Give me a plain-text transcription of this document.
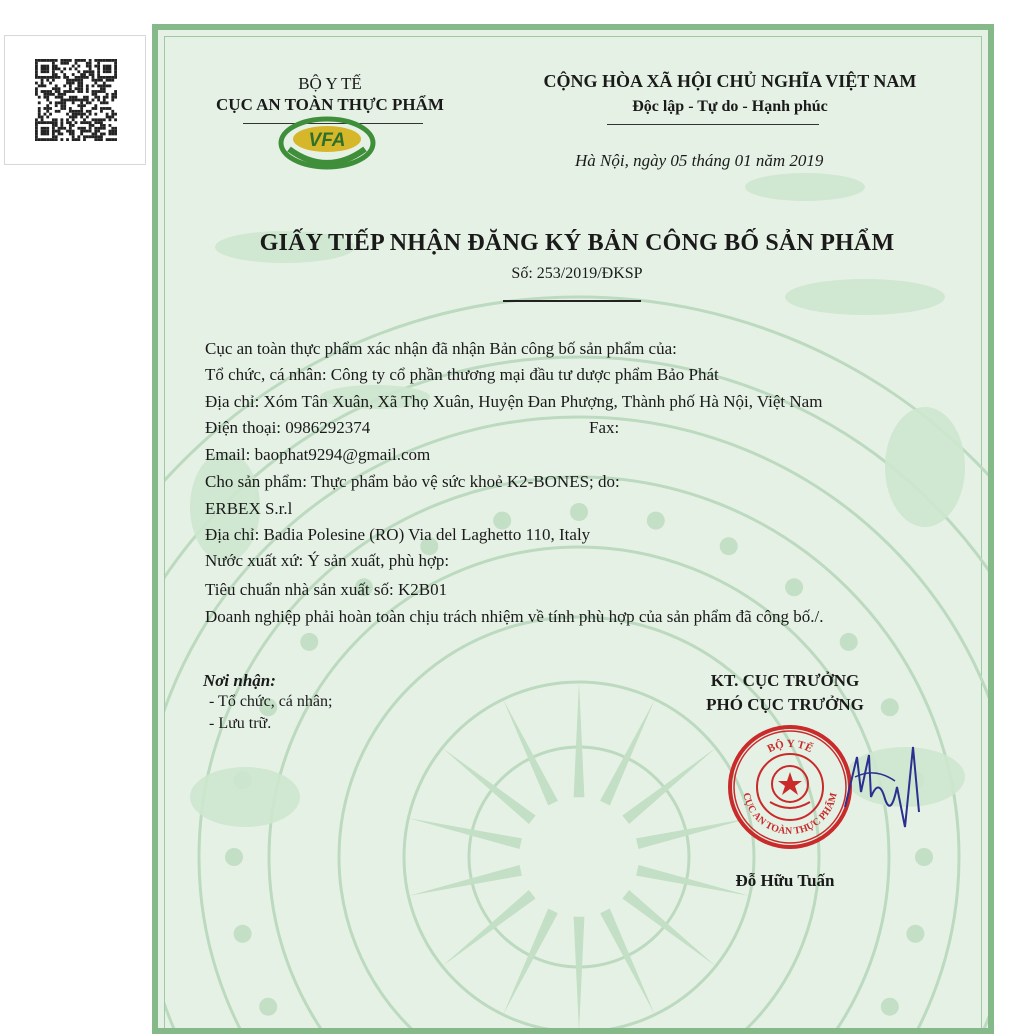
BỘ Y TẾ
CỤC AN TOÀN THỰC PHẨM
VFA
CỘNG HÒA XÃ HỘI CHỦ NGHĨA VIỆT NAM
Độc lập - Tự do - Hạnh phúc
Hà Nội, ngày 05 tháng 01 năm 2019
GIẤY TIẾP NHẬN ĐĂNG KÝ BẢN CÔNG BỐ SẢN PHẨM
Số: 253/2019/ĐKSP
Cục an toàn thực phẩm xác nhận đã nhận Bản công bố sản phẩm của:
Tổ chức, cá nhân: Công ty cổ phần thương mại đầu tư dược phẩm Bảo Phát
Địa chỉ: Xóm Tân Xuân, Xã Thọ Xuân, Huyện Đan Phượng, Thành phố Hà Nội, Việt Nam
Điện thoại: 0986292374	Fax:
Email: baophat9294@gmail.com
Cho sản phẩm: Thực phẩm bảo vệ sức khoẻ K2-BONES; do:
ERBEX S.r.l
Địa chỉ: Badia Polesine (RO) Via del Laghetto 110, Italy
Nước xuất xứ: Ý sản xuất, phù hợp:
Tiêu chuẩn nhà sản xuất số: K2B01
Doanh nghiệp phải hoàn toàn chịu trách nhiệm về tính phù hợp của sản phẩm đã công bố./.
Nơi nhận:
- Tổ chức, cá nhân;
- Lưu trữ.
KT. CỤC TRƯỞNG
PHÓ CỤC TRƯỞNG
BỘ Y TẾ
CỤC AN TOÀN THỰC PHẨM
Đỗ Hữu Tuấn
